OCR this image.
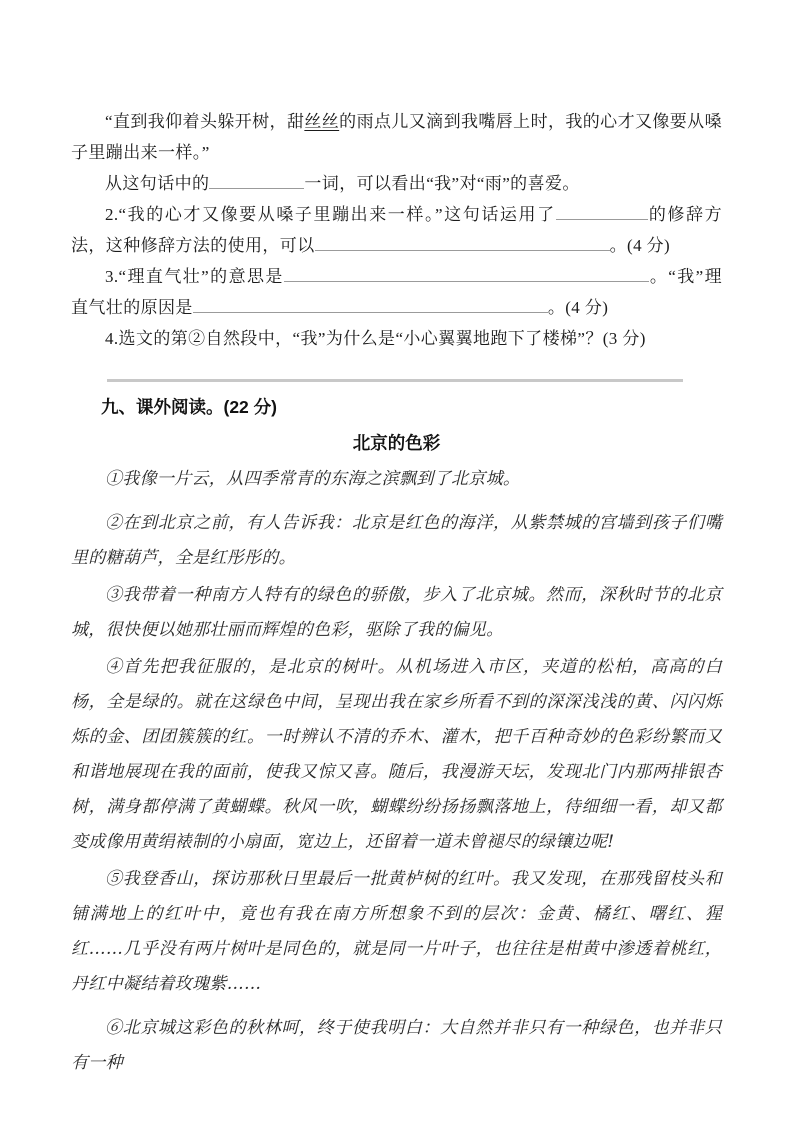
“直到我仰着头躲开树，甜丝丝的雨点儿又滴到我嘴唇上时，我的心才又像要从嗓子里蹦出来一样。”

从这句话中的	一词，可以看出“我”对“雨”的喜爱。

2.“我的心才又像要从嗓子里蹦出来一样。”这句话运用了	的修辞方法，这种修辞方法的使用，可以	。(4 分)

3.“理直气壮”的意思是	。“我”理直气壮的原因是	。(4 分)

4.选文的第②自然段中，“我”为什么是“小心翼翼地跑下了楼梯”？(3 分)

九、课外阅读。(22 分)
北京的色彩

①我像一片云，从四季常青的东海之滨飘到了北京城。

②在到北京之前，有人告诉我：北京是红色的海洋，从紫禁城的宫墙到孩子们嘴里的糖葫芦，全是红彤彤的。

③我带着一种南方人特有的绿色的骄傲，步入了北京城。然而，深秋时节的北京城，很快便以她那壮丽而辉煌的色彩，驱除了我的偏见。

④首先把我征服的，是北京的树叶。从机场进入市区，夹道的松柏，高高的白杨，全是绿的。就在这绿色中间，呈现出我在家乡所看不到的深深浅浅的黄、闪闪烁烁的金、团团簇簇的红。一时辨认不清的乔木、灌木，把千百种奇妙的色彩纷繁而又和谐地展现在我的面前，使我又惊又喜。随后，我漫游天坛，发现北门内那两排银杏树，满身都停满了黄蝴蝶。秋风一吹，蝴蝶纷纷扬扬飘落地上，待细细一看，却又都变成像用黄绢裱制的小扇面，宽边上，还留着一道未曾褪尽的绿镶边呢!

⑤我登香山，探访那秋日里最后一批黄栌树的红叶。我又发现，在那残留枝头和铺满地上的红叶中，竟也有我在南方所想象不到的层次：金黄、橘红、曙红、猩红……几乎没有两片树叶是同色的，就是同一片叶子，也往往是柑黄中渗透着桃红，丹红中凝结着玫瑰紫……

⑥北京城这彩色的秋林呵，终于使我明白：大自然并非只有一种绿色，也并非只有一种
